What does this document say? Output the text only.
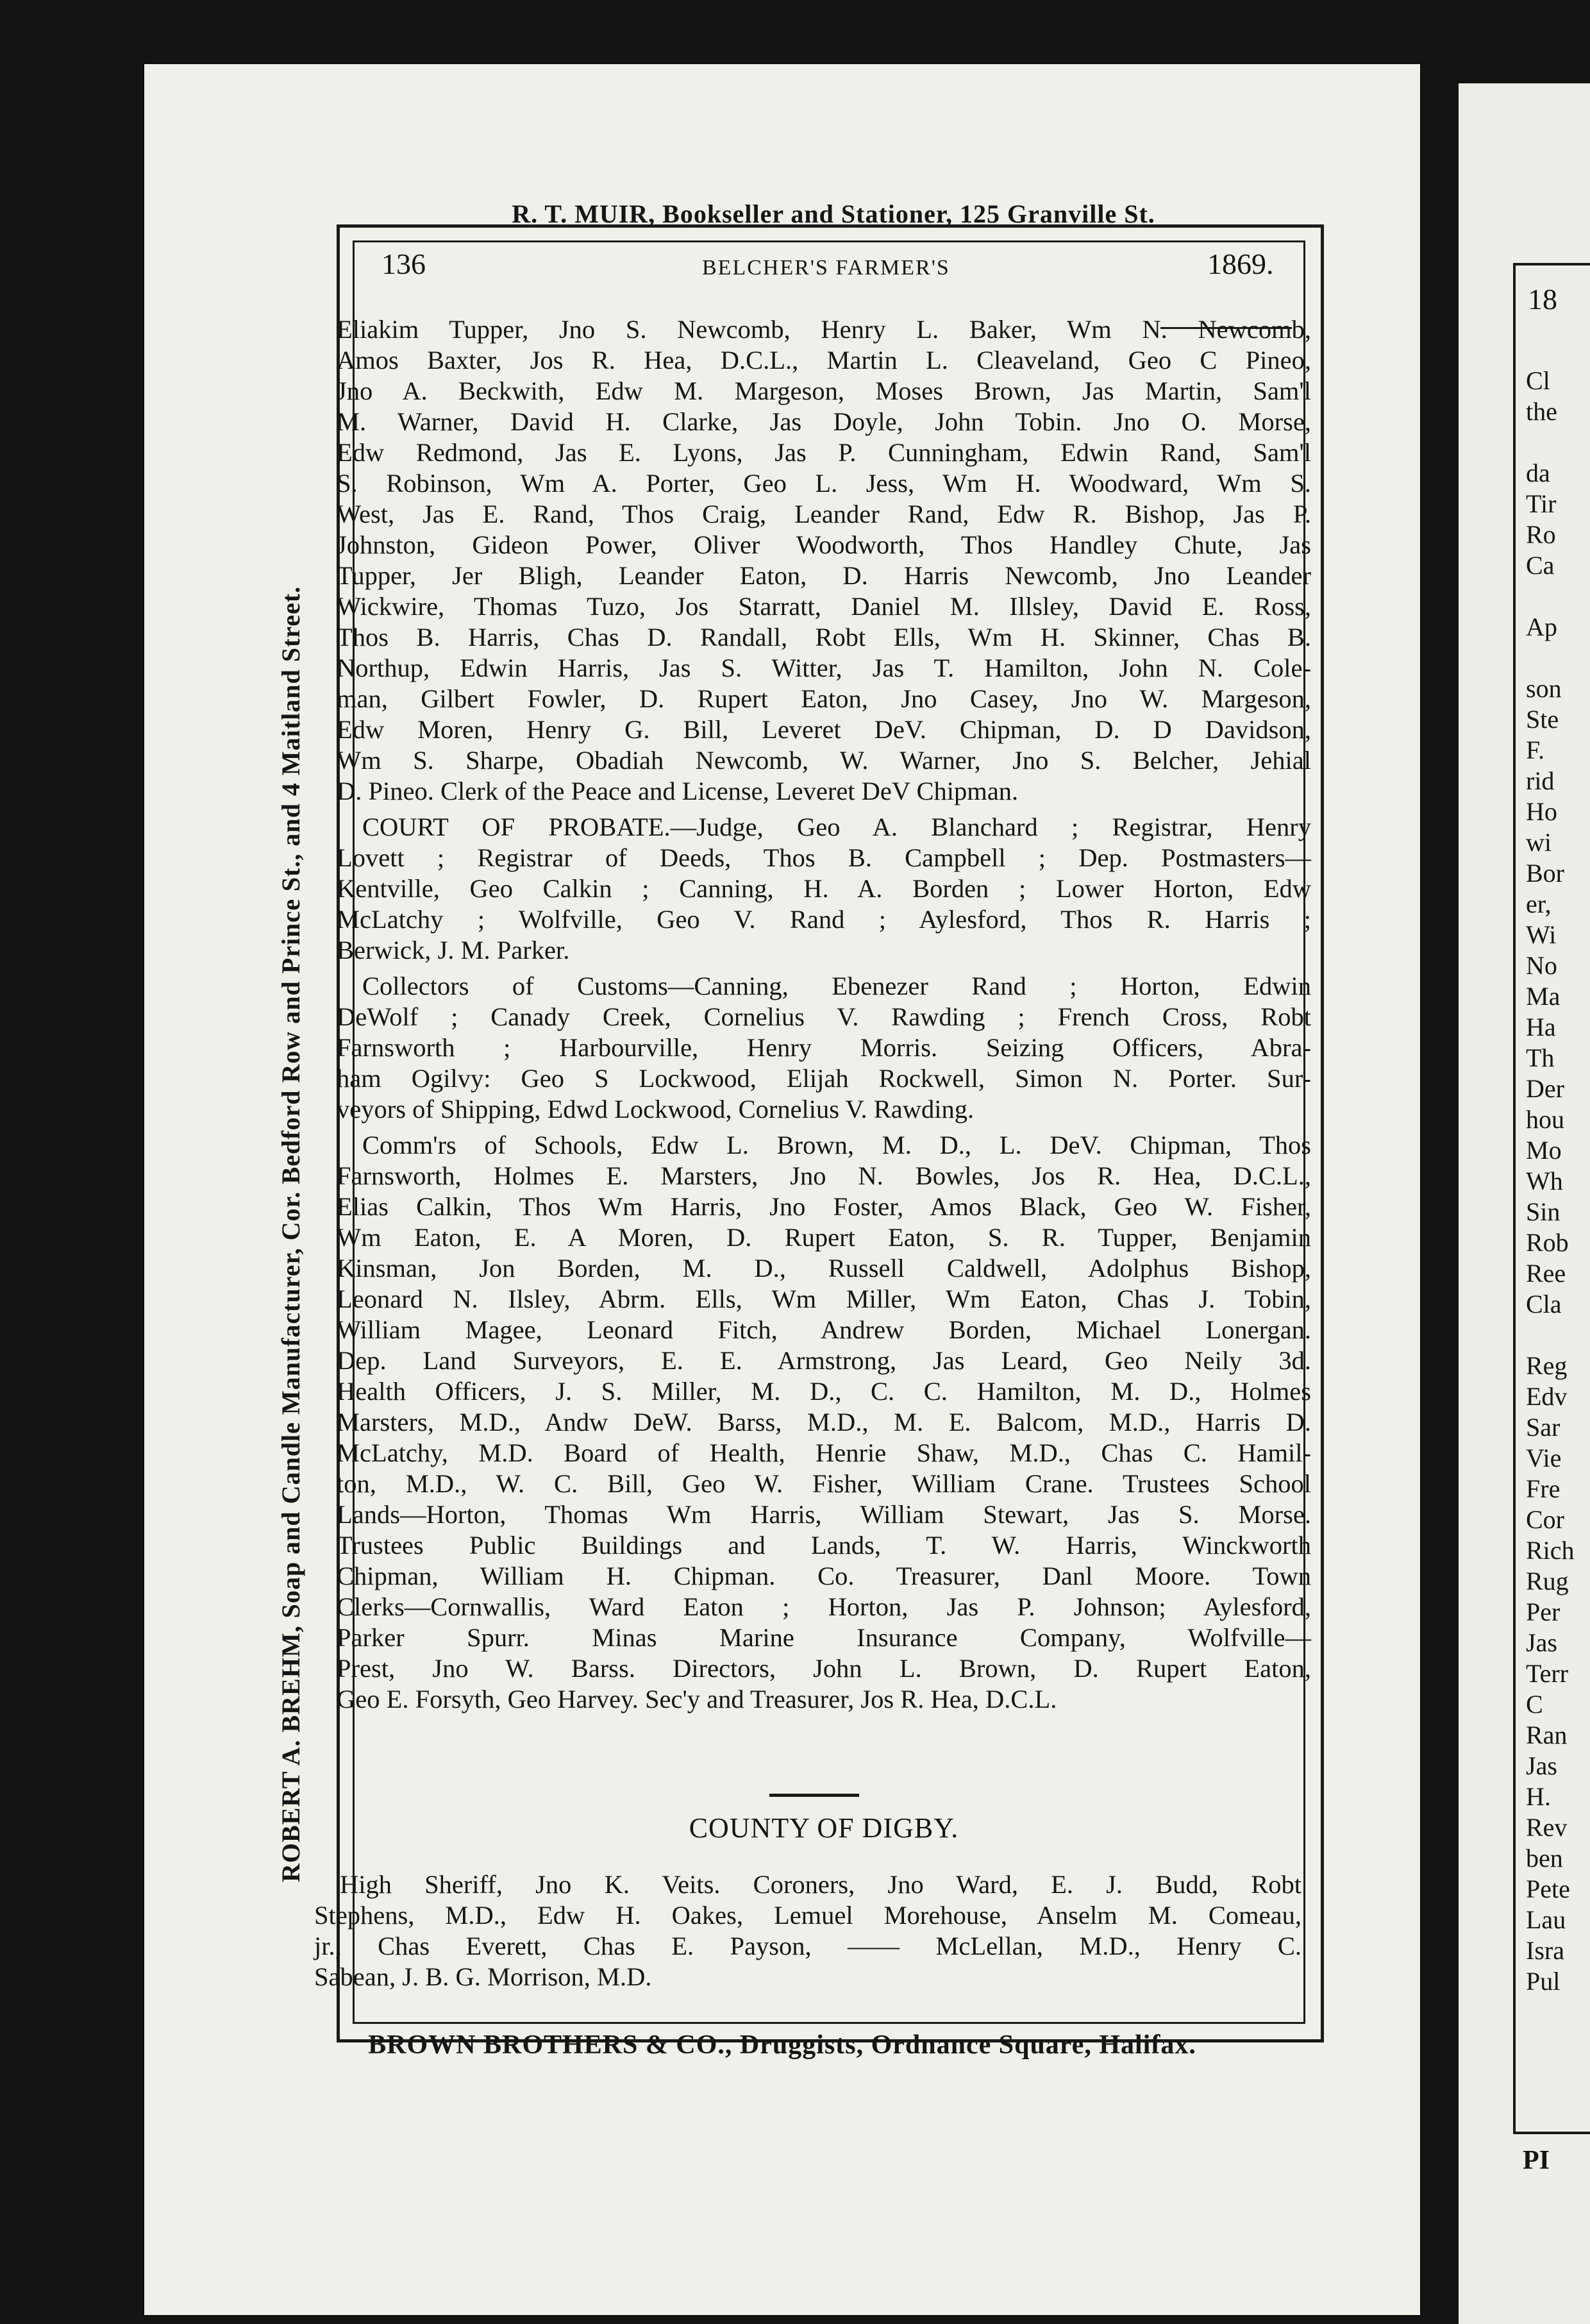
18
Cl
the
da
Tir
Ro
Ca
Ap
son
Ste
F.
rid
Ho
wi
Bor
er,
Wi
No
Ma
Ha
Th
Der
hou
Mo
Wh
Sin
Rob
Ree
Cla
Reg
Edv
Sar
Vie
Fre
Cor
Rich
Rug
Per
Jas
Terr
C
Ran
Jas
H.
Rev
ben
Pete
Lau
Isra
Pul
PI
R. T. MUIR, Bookseller and Stationer, 125 Granville St.
136	BELCHER'S FARMER'S	1869.
ROBERT A. BREHM, Soap and Candle Manufacturer, Cor. Bedford Row and Prince St., and 4 Maitland Street.

Eliakim Tupper, Jno S. Newcomb, Henry L. Baker, Wm N. Newcomb,

Amos Baxter, Jos R. Hea, D.C.L., Martin L. Cleaveland, Geo C Pineo,

Jno A. Beckwith, Edw M. Margeson, Moses Brown, Jas Martin, Sam'l

M. Warner, David H. Clarke, Jas Doyle, John Tobin. Jno O. Morse,

Edw Redmond, Jas E. Lyons, Jas P. Cunningham, Edwin Rand, Sam'l

S. Robinson, Wm A. Porter, Geo L. Jess, Wm H. Woodward, Wm S.

West, Jas E. Rand, Thos Craig, Leander Rand, Edw R. Bishop, Jas P.

Johnston, Gideon Power, Oliver Woodworth, Thos Handley Chute, Jas

Tupper, Jer Bligh, Leander Eaton, D. Harris Newcomb, Jno Leander

Wickwire, Thomas Tuzo, Jos Starratt, Daniel M. Illsley, David E. Ross,

Thos B. Harris, Chas D. Randall, Robt Ells, Wm H. Skinner, Chas B.

Northup, Edwin Harris, Jas S. Witter, Jas T. Hamilton, John N. Cole-

man, Gilbert Fowler, D. Rupert Eaton, Jno Casey, Jno W. Margeson,

Edw Moren, Henry G. Bill, Leveret DeV. Chipman, D. D Davidson,

Wm S. Sharpe, Obadiah Newcomb, W. Warner, Jno S. Belcher, Jehial

D. Pineo. Clerk of the Peace and License, Leveret DeV Chipman.

COURT OF PROBATE.—Judge, Geo A. Blanchard ; Registrar, Henry

Lovett ; Registrar of Deeds, Thos B. Campbell ; Dep. Postmasters—

Kentville, Geo Calkin ; Canning, H. A. Borden ; Lower Horton, Edw

McLatchy ; Wolfville, Geo V. Rand ; Aylesford, Thos R. Harris ;

Berwick, J. M. Parker.

Collectors of Customs—Canning, Ebenezer Rand ; Horton, Edwin

DeWolf ; Canady Creek, Cornelius V. Rawding ; French Cross, Robt

Farnsworth ; Harbourville, Henry Morris. Seizing Officers, Abra-

ham Ogilvy: Geo S Lockwood, Elijah Rockwell, Simon N. Porter. Sur-

veyors of Shipping, Edwd Lockwood, Cornelius V. Rawding.

Comm'rs of Schools, Edw L. Brown, M. D., L. DeV. Chipman, Thos

Farnsworth, Holmes E. Marsters, Jno N. Bowles, Jos R. Hea, D.C.L.,

Elias Calkin, Thos Wm Harris, Jno Foster, Amos Black, Geo W. Fisher,

Wm Eaton, E. A Moren, D. Rupert Eaton, S. R. Tupper, Benjamin

Kinsman, Jon Borden, M. D., Russell Caldwell, Adolphus Bishop,

Leonard N. Ilsley, Abrm. Ells, Wm Miller, Wm Eaton, Chas J. Tobin,

William Magee, Leonard Fitch, Andrew Borden, Michael Lonergan.

Dep. Land Surveyors, E. E. Armstrong, Jas Leard, Geo Neily 3d.

Health Officers, J. S. Miller, M. D., C. C. Hamilton, M. D., Holmes

Marsters, M.D., Andw DeW. Barss, M.D., M. E. Balcom, M.D., Harris D.

McLatchy, M.D. Board of Health, Henrie Shaw, M.D., Chas C. Hamil-

ton, M.D., W. C. Bill, Geo W. Fisher, William Crane. Trustees School

Lands—Horton, Thomas Wm Harris, William Stewart, Jas S. Morse.

Trustees Public Buildings and Lands, T. W. Harris, Winckworth

Chipman, William H. Chipman. Co. Treasurer, Danl Moore. Town

Clerks—Cornwallis, Ward Eaton ; Horton, Jas P. Johnson; Aylesford,

Parker Spurr. Minas Marine Insurance Company, Wolfville—

Prest, Jno W. Barss. Directors, John L. Brown, D. Rupert Eaton,

Geo E. Forsyth, Geo Harvey. Sec'y and Treasurer, Jos R. Hea, D.C.L.

COUNTY OF DIGBY.

High Sheriff, Jno K. Veits. Coroners, Jno Ward, E. J. Budd, Robt

Stephens, M.D., Edw H. Oakes, Lemuel Morehouse, Anselm M. Comeau,

jr., Chas Everett, Chas E. Payson, —— McLellan, M.D., Henry C.

Sabean, J. B. G. Morrison, M.D.

BROWN BROTHERS & CO., Druggists, Ordnance Square, Halifax.
